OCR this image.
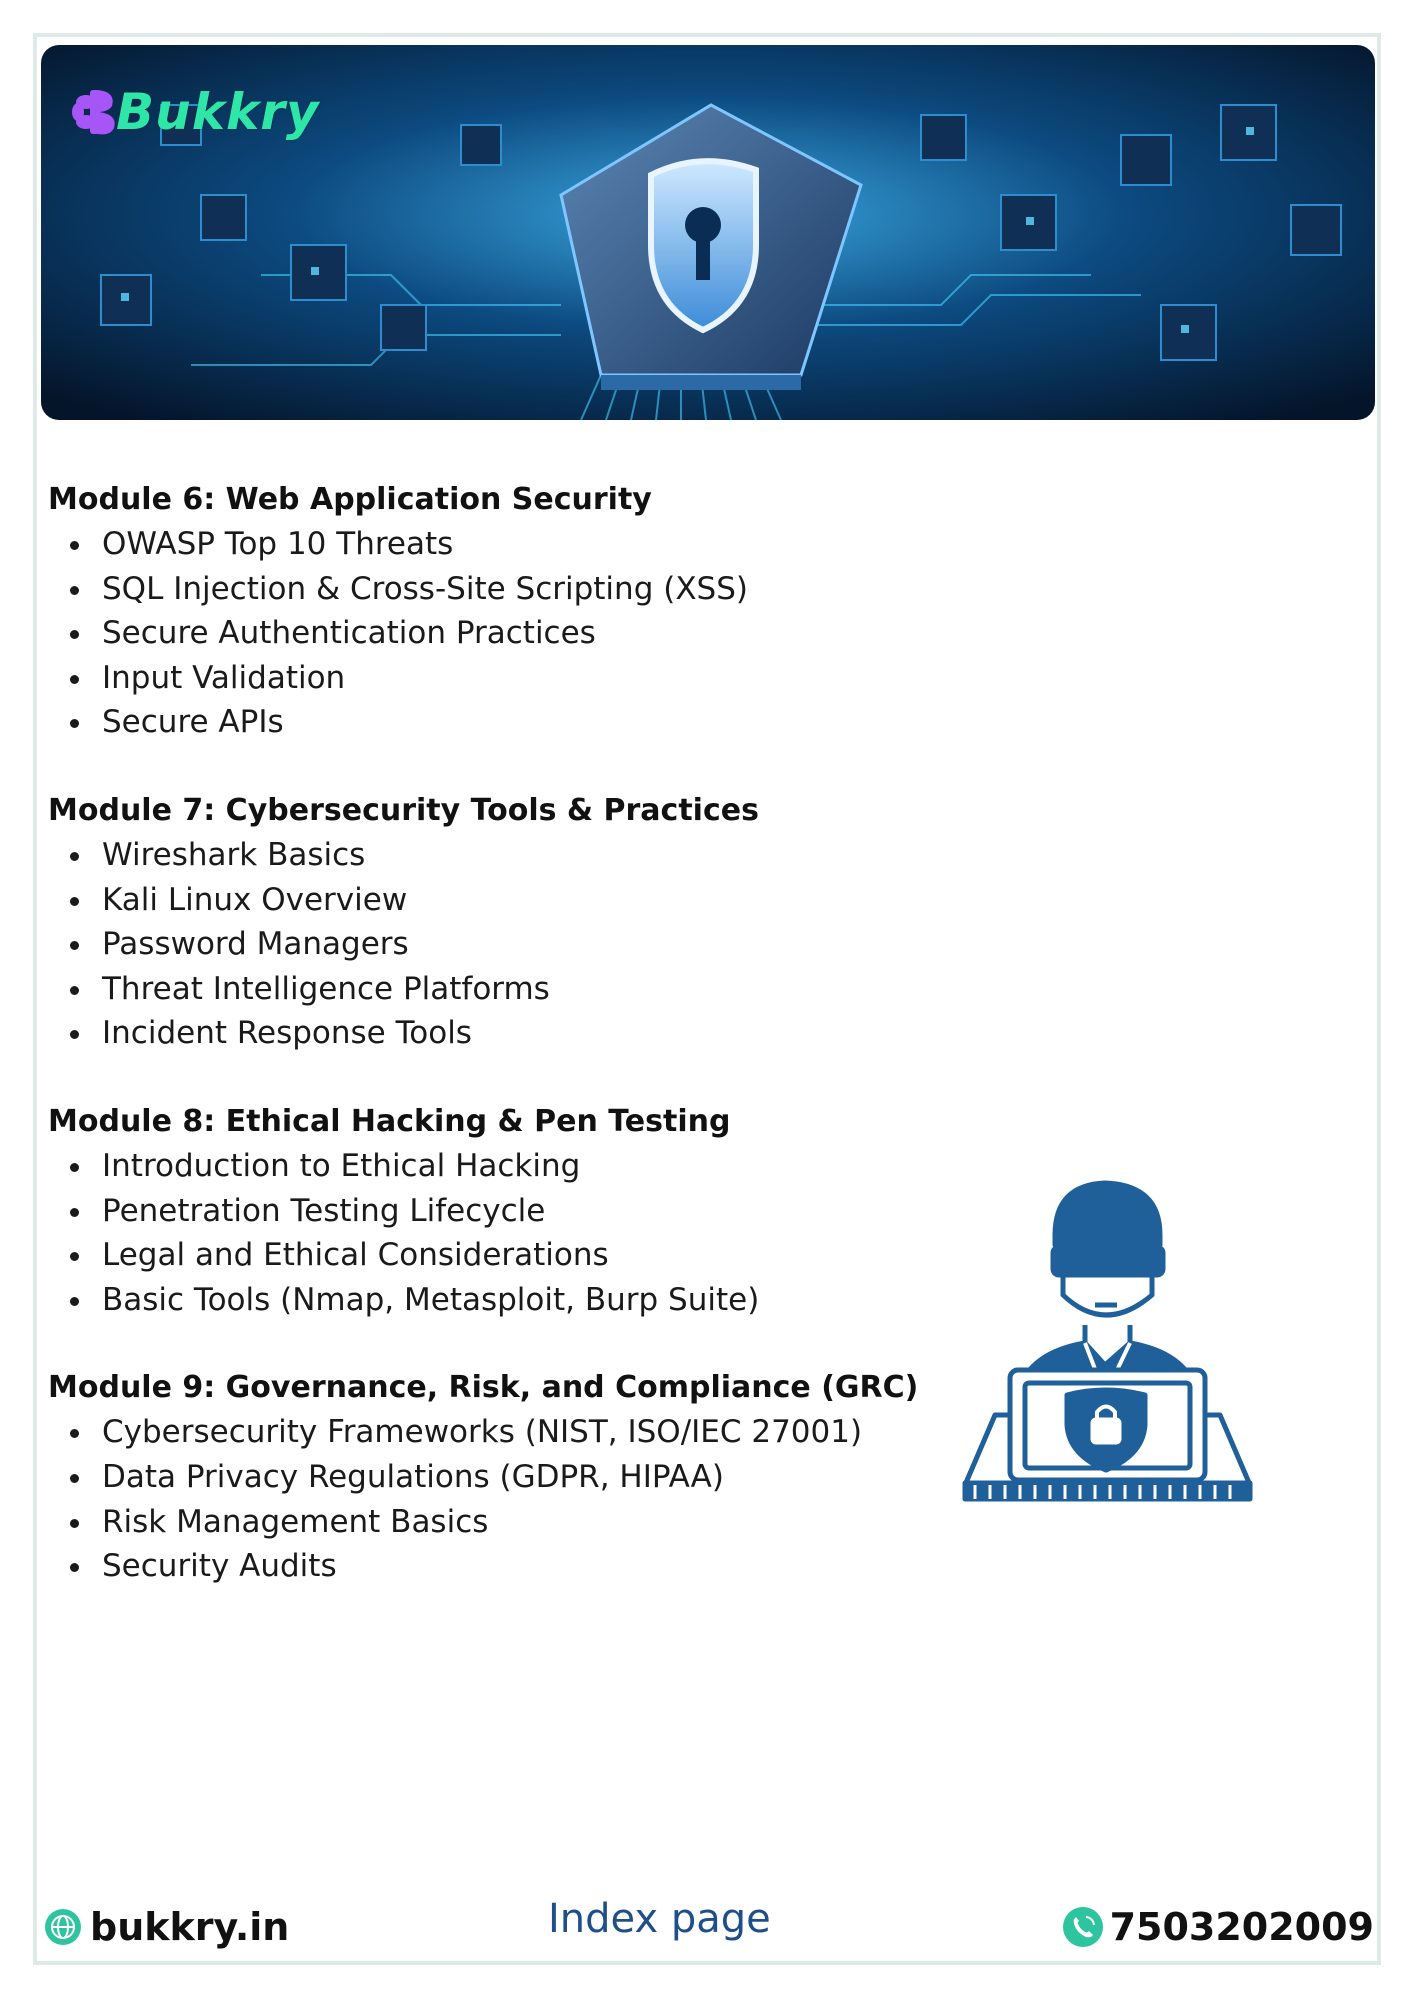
Bukkry
Module 6: Web Application Security
OWASP Top 10 Threats
SQL Injection & Cross-Site Scripting (XSS)
Secure Authentication Practices
Input Validation
Secure APIs
Module 7: Cybersecurity Tools & Practices
Wireshark Basics
Kali Linux Overview
Password Managers
Threat Intelligence Platforms
Incident Response Tools
Module 8: Ethical Hacking & Pen Testing
Introduction to Ethical Hacking
Penetration Testing Lifecycle
Legal and Ethical Considerations
Basic Tools (Nmap, Metasploit, Burp Suite)
Module 9: Governance, Risk, and Compliance (GRC)
Cybersecurity Frameworks (NIST, ISO/IEC 27001)
Data Privacy Regulations (GDPR, HIPAA)
Risk Management Basics
Security Audits
bukkry.in	Index page	7503202009
